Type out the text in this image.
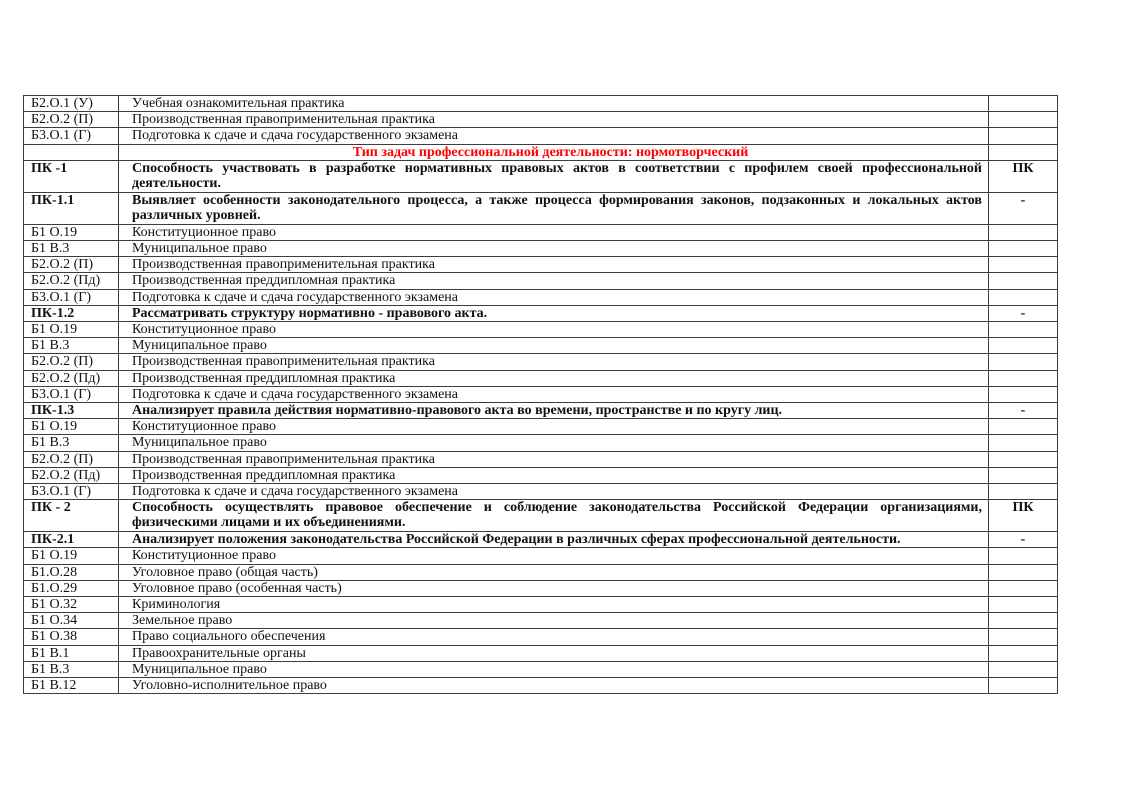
Б2.О.1 (У)	Учебная ознакомительная практика	
Б2.О.2 (П)	Производственная правоприменительная практика	
Б3.О.1 (Г)	Подготовка к сдаче и сдача государственного экзамена	
	Тип задач профессиональной деятельности: нормотворческий	
ПК -1	Способность участвовать в разработке нормативных правовых актов в соответствии с профилем своей профессиональной деятельности.	ПК
ПК-1.1	Выявляет особенности законодательного процесса, а также процесса формирования законов, подзаконных и локальных актов различных уровней.	-
Б1 О.19	Конституционное право	
Б1 В.3	Муниципальное право	
Б2.О.2 (П)	Производственная правоприменительная практика	
Б2.О.2 (Пд)	Производственная преддипломная практика	
Б3.О.1 (Г)	Подготовка к сдаче и сдача государственного экзамена	
ПК-1.2	Рассматривать структуру нормативно - правового акта.	-
Б1 О.19	Конституционное право	
Б1 В.3	Муниципальное право	
Б2.О.2 (П)	Производственная правоприменительная практика	
Б2.О.2 (Пд)	Производственная преддипломная практика	
Б3.О.1 (Г)	Подготовка к сдаче и сдача государственного экзамена	
ПК-1.3	Анализирует правила действия нормативно-правового акта во времени, пространстве и по кругу лиц.	-
Б1 О.19	Конституционное право	
Б1 В.3	Муниципальное право	
Б2.О.2 (П)	Производственная правоприменительная практика	
Б2.О.2 (Пд)	Производственная преддипломная практика	
Б3.О.1 (Г)	Подготовка к сдаче и сдача государственного экзамена	
ПК - 2	Способность осуществлять правовое обеспечение и соблюдение законодательства Российской Федерации организациями, физическими лицами и их объединениями.	ПК
ПК-2.1	Анализирует положения законодательства Российской Федерации в различных сферах профессиональной деятельности.	-
Б1 О.19	Конституционное право	
Б1.О.28	Уголовное право (общая часть)	
Б1.О.29	Уголовное право (особенная часть)	
Б1 О.32	Криминология	
Б1 О.34	Земельное право	
Б1 О.38	Право социального обеспечения	
Б1 В.1	Правоохранительные органы	
Б1 В.3	Муниципальное право	
Б1 В.12	Уголовно-исполнительное право	
